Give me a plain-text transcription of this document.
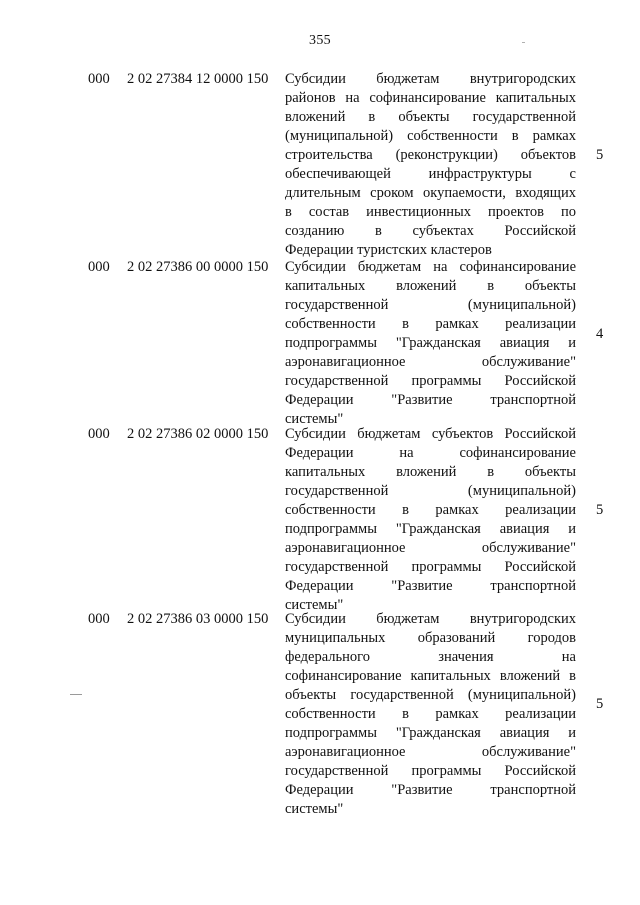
355
000 2 02 27384 12 0000 150 Субсидии бюджетам внутригородских
районов на софинансирование капитальных
вложений в объекты государственной
(муниципальной) собственности в рамках
строительства (реконструкции) объектов
обеспечивающей инфраструктуры с
длительным сроком окупаемости, входящих
в состав инвестиционных проектов по
созданию в субъектах Российской
Федерации туристских кластеров
5
000 2 02 27386 00 0000 150 Субсидии бюджетам на софинансирование
капитальных вложений в объекты
государственной (муниципальной)
собственности в рамках реализации
подпрограммы "Гражданская авиация и
аэронавигационное обслуживание"
государственной программы Российской
Федерации "Развитие транспортной
системы"
4
000 2 02 27386 02 0000 150 Субсидии бюджетам субъектов Российской
Федерации на софинансирование
капитальных вложений в объекты
государственной (муниципальной)
собственности в рамках реализации
подпрограммы "Гражданская авиация и
аэронавигационное обслуживание"
государственной программы Российской
Федерации "Развитие транспортной
системы"
5
000 2 02 27386 03 0000 150 Субсидии бюджетам внутригородских
муниципальных образований городов
федерального значения на
софинансирование капитальных вложений в
объекты государственной (муниципальной)
собственности в рамках реализации
подпрограммы "Гражданская авиация и
аэронавигационное обслуживание"
государственной программы Российской
Федерации "Развитие транспортной
системы"
5
